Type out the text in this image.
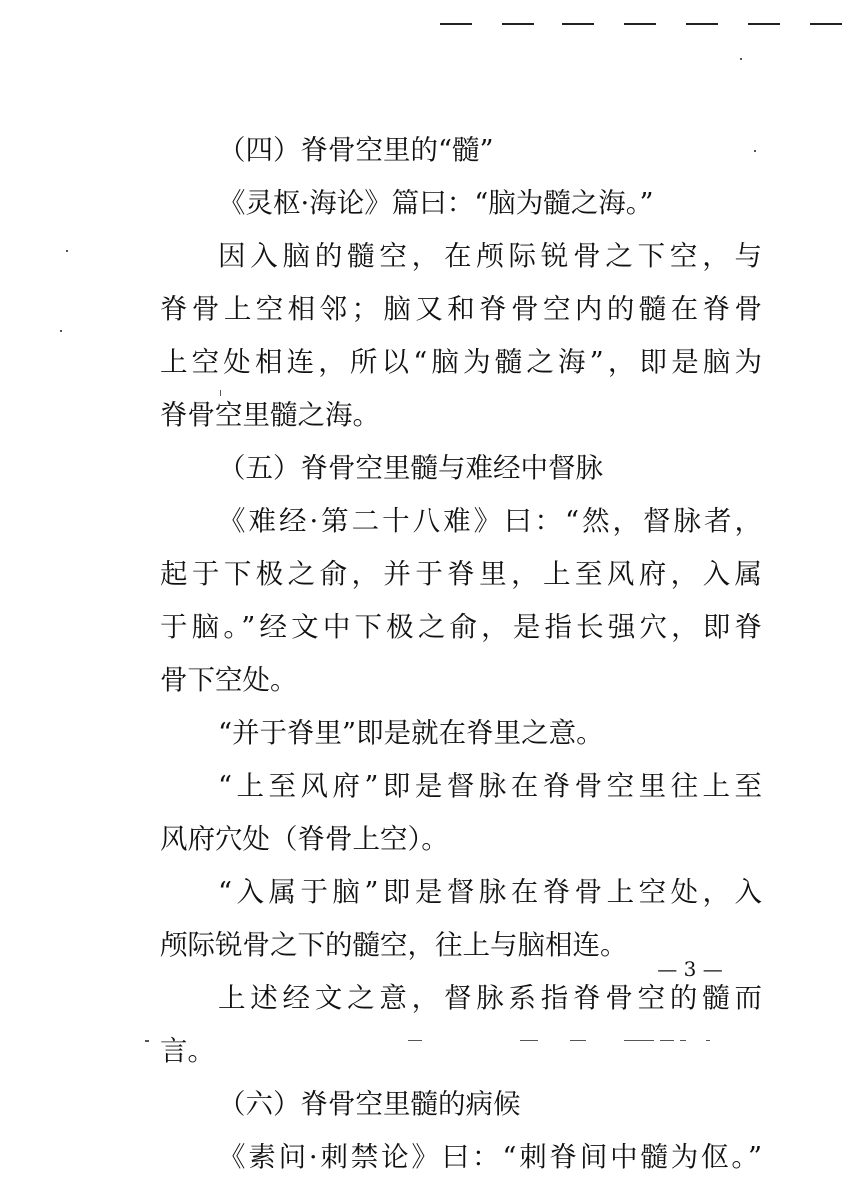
（四）脊骨空里的“髓”
《灵枢·海论》篇曰：“脑为髓之海。”
因入脑的髓空，在颅际锐骨之下空，与
脊骨上空相邻；脑又和脊骨空内的髓在脊骨
上空处相连，所以“脑为髓之海”，即是脑为
脊骨空里髓之海。
（五）脊骨空里髓与难经中督脉
《难经·第二十八难》曰：“然，督脉者，
起于下极之俞，并于脊里，上至风府，入属
于脑。”经文中下极之俞，是指长强穴，即脊
骨下空处。
“并于脊里”即是就在脊里之意。
“上至风府”即是督脉在脊骨空里往上至
风府穴处（脊骨上空）。
“入属于脑”即是督脉在脊骨上空处，入
颅际锐骨之下的髓空，往上与脑相连。
上述经文之意，督脉系指脊骨空的髓而
言。
（六）脊骨空里髓的病候
《素问·刺禁论》曰：“刺脊间中髓为伛。”
— 3 —
